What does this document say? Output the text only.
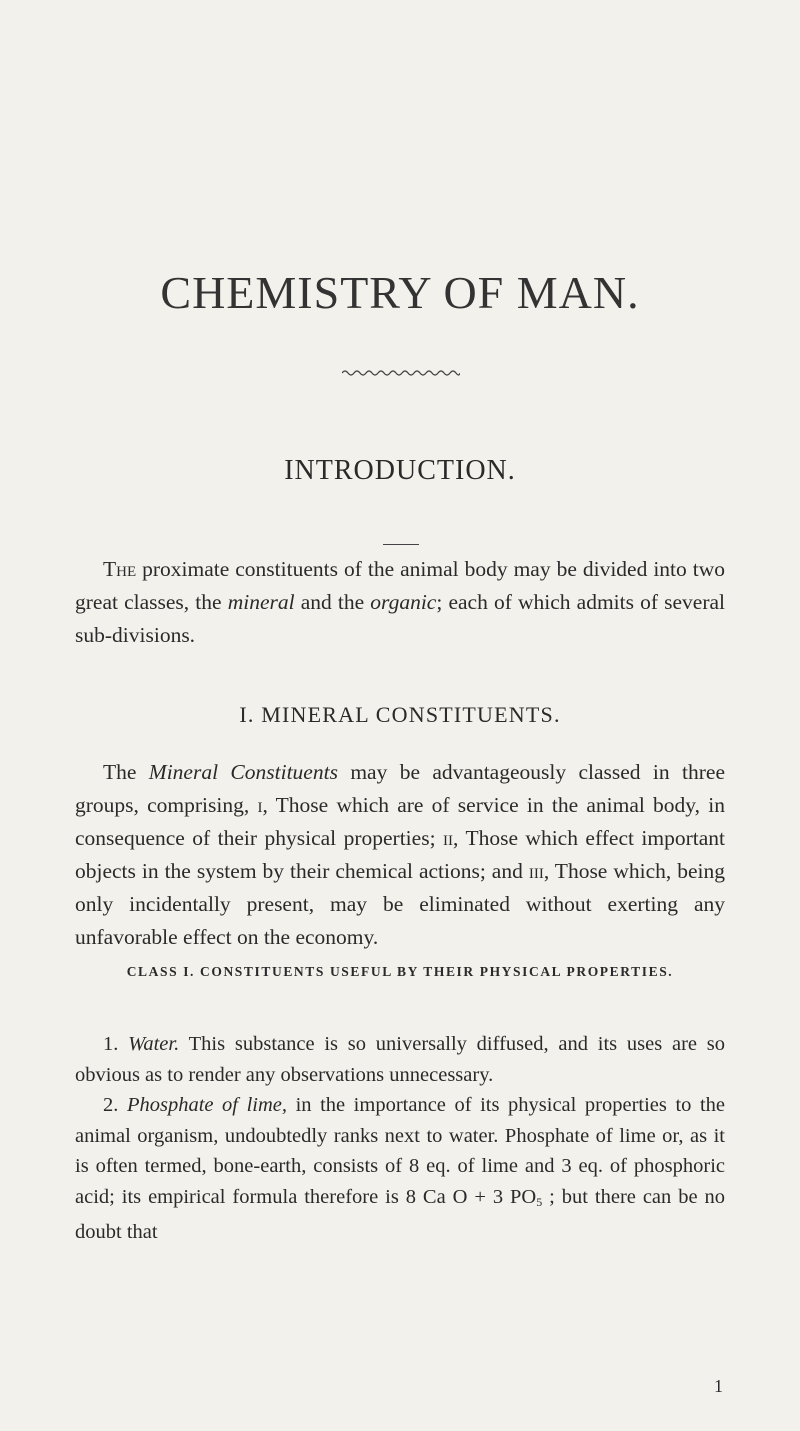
CHEMISTRY OF MAN.
INTRODUCTION.

The proximate constituents of the animal body may be divided into two great classes, the mineral and the organic; each of which admits of several sub-divisions.

I. MINERAL CONSTITUENTS.

The Mineral Constituents may be advantageously classed in three groups, comprising, i, Those which are of service in the animal body, in consequence of their physical properties; ii, Those which effect important objects in the system by their chemical actions; and iii, Those which, being only incidentally present, may be eliminated without exerting any unfavorable effect on the economy.

CLASS I. CONSTITUENTS USEFUL BY THEIR PHYSICAL PROPERTIES.

1. Water. This substance is so universally diffused, and its uses are so obvious as to render any observations unnecessary.
2. Phosphate of lime, in the importance of its physical properties to the animal organism, undoubtedly ranks next to water. Phosphate of lime or, as it is often termed, bone-earth, consists of 8 eq. of lime and 3 eq. of phosphoric acid; its empirical formula therefore is 8 Ca O + 3 $PO_5$ ; but there can be no doubt that

1
